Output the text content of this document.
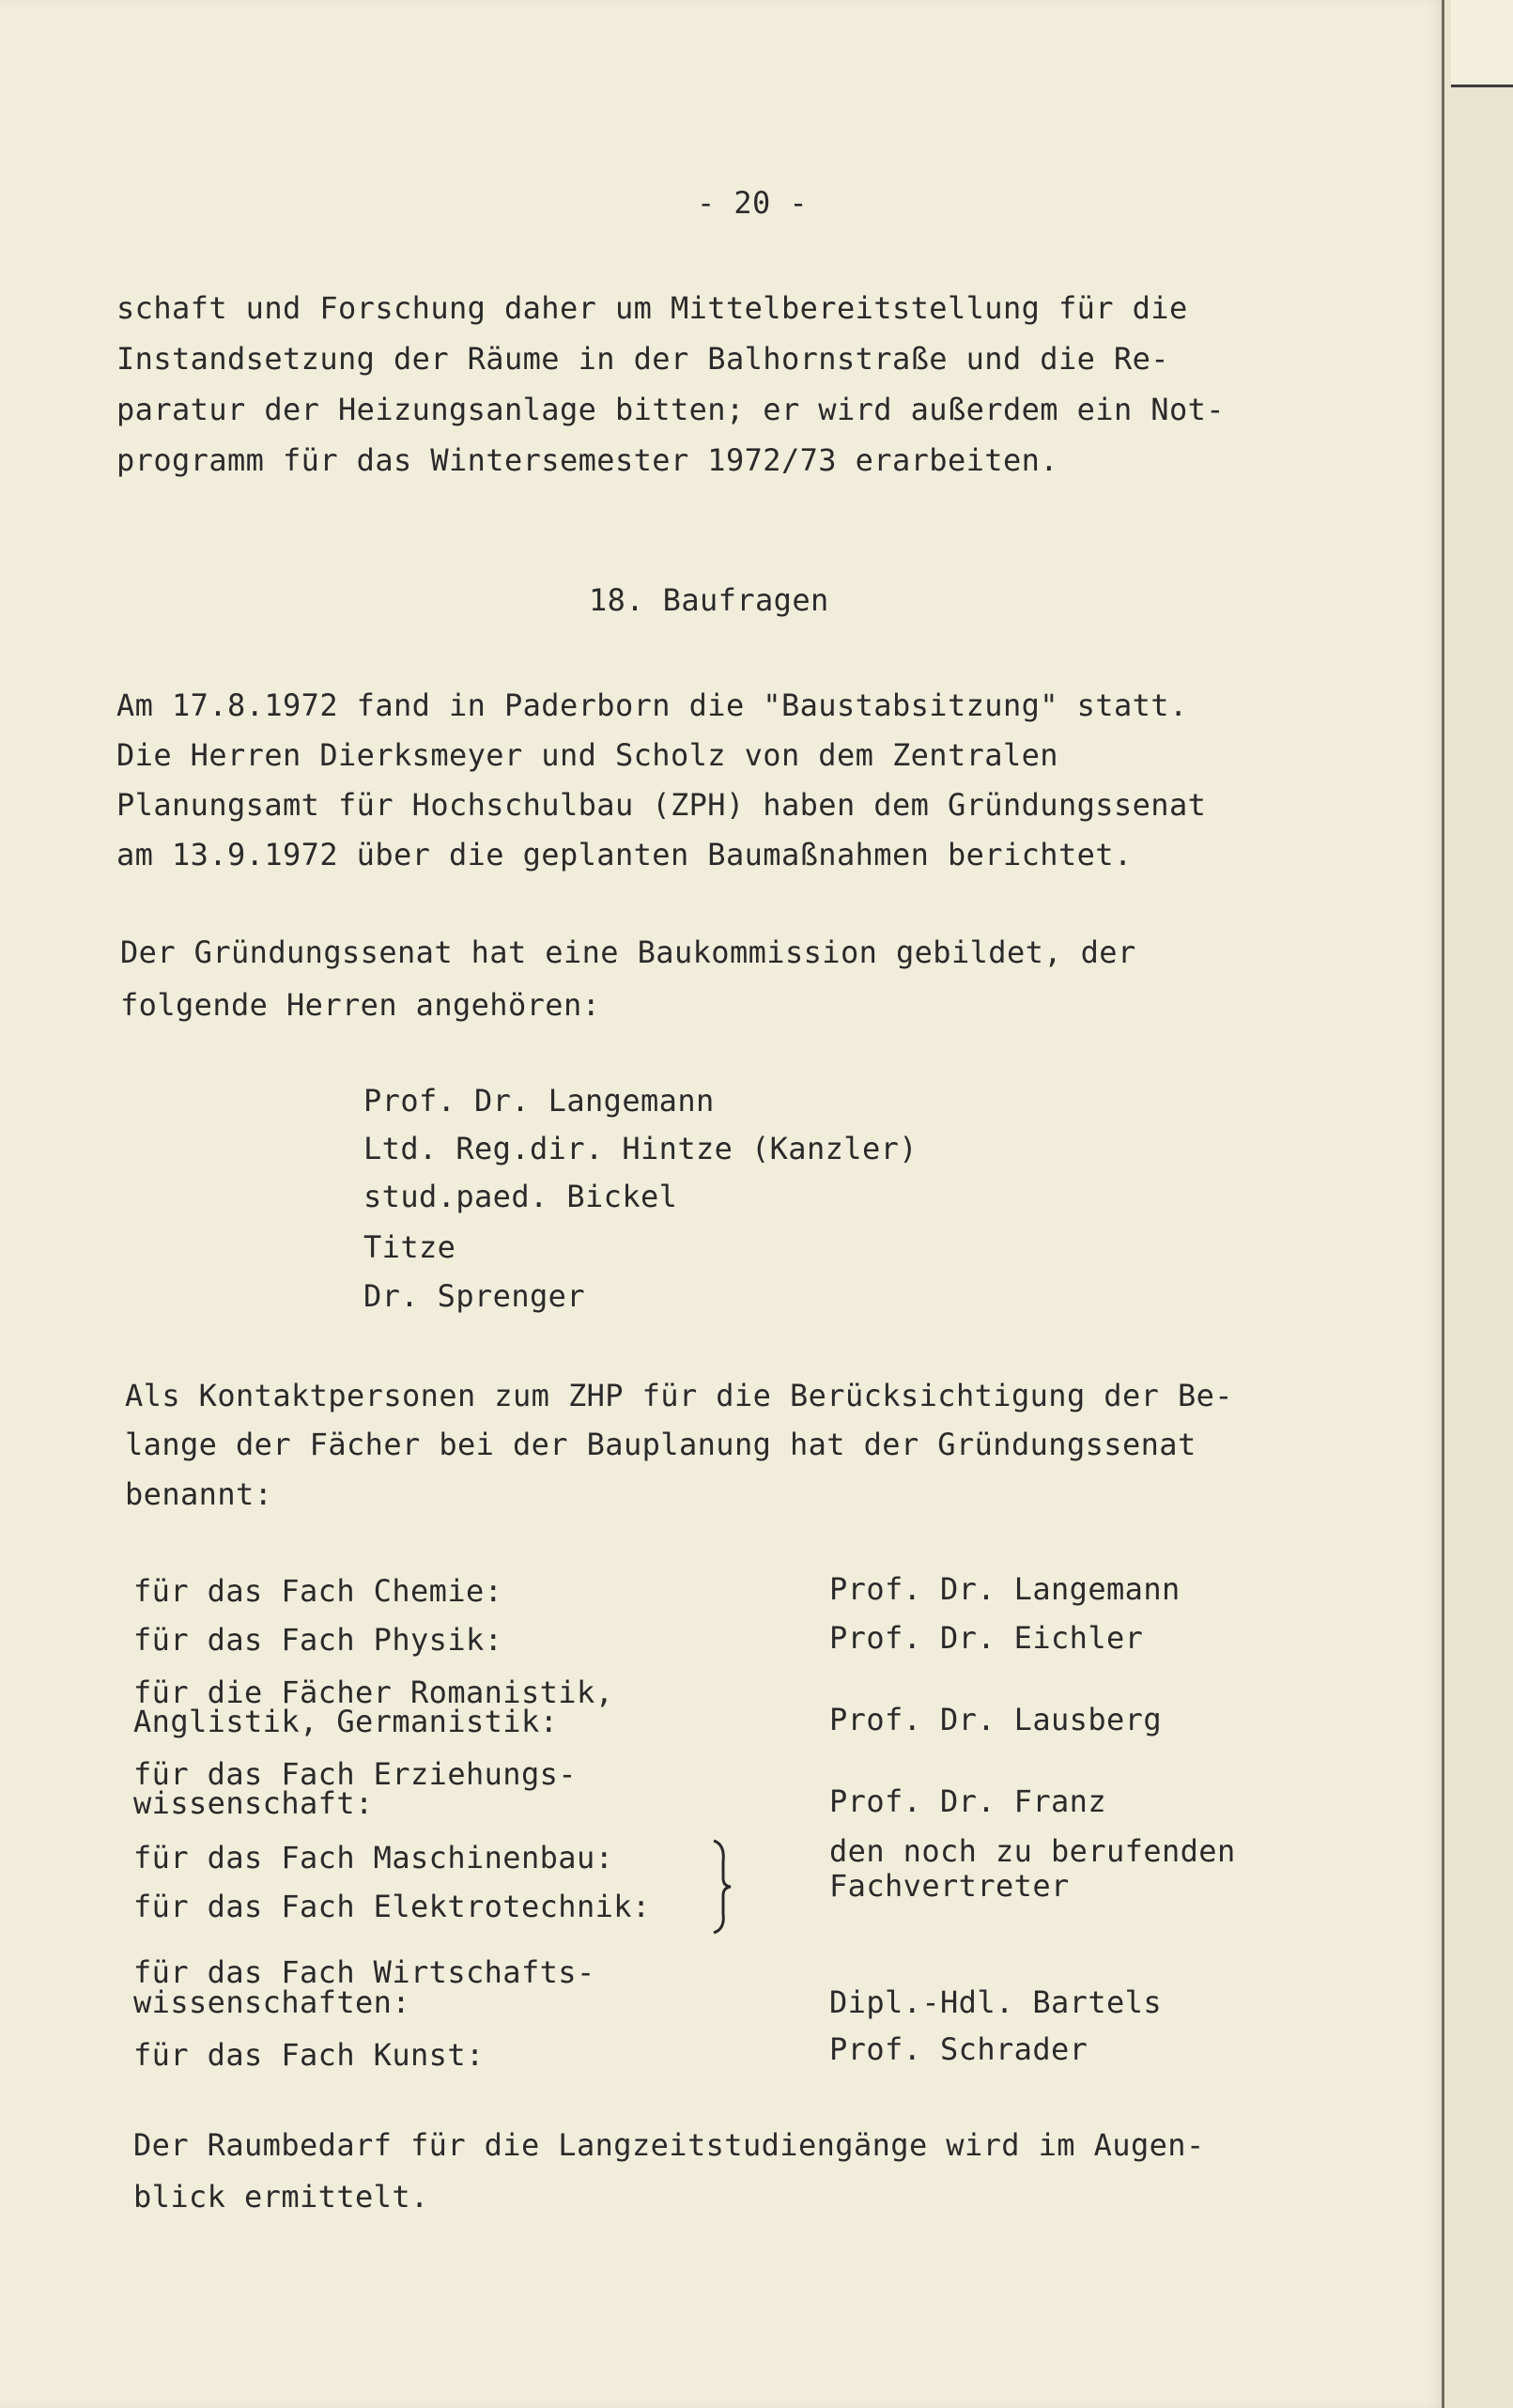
- 20 -
schaft und Forschung daher um Mittelbereitstellung für die
Instandsetzung der Räume in der Balhornstraße und die Re-
paratur der Heizungsanlage bitten; er wird außerdem ein Not-
programm für das Wintersemester 1972/73 erarbeiten.
18. Baufragen
Am 17.8.1972 fand in Paderborn die "Baustabsitzung" statt.
Die Herren Dierksmeyer und Scholz von dem Zentralen
Planungsamt für Hochschulbau (ZPH) haben dem Gründungssenat
am 13.9.1972 über die geplanten Baumaßnahmen berichtet.
Der Gründungssenat hat eine Baukommission gebildet, der
folgende Herren angehören:
Prof. Dr. Langemann
Ltd. Reg.dir. Hintze (Kanzler)
stud.paed. Bickel
Titze
Dr. Sprenger
Als Kontaktpersonen zum ZHP für die Berücksichtigung der Be-
lange der Fächer bei der Bauplanung hat der Gründungssenat
benannt:
für das Fach Chemie:
für das Fach Physik:
für die Fächer Romanistik,
Anglistik, Germanistik:
für das Fach Erziehungs-
wissenschaft:
für das Fach Maschinenbau:
für das Fach Elektrotechnik:
für das Fach Wirtschafts-
wissenschaften:
für das Fach Kunst:
Prof. Dr. Langemann
Prof. Dr. Eichler
Prof. Dr. Lausberg
Prof. Dr. Franz
den noch zu berufenden
Fachvertreter
Dipl.-Hdl. Bartels
Prof. Schrader
Der Raumbedarf für die Langzeitstudiengänge wird im Augen-
blick ermittelt.
